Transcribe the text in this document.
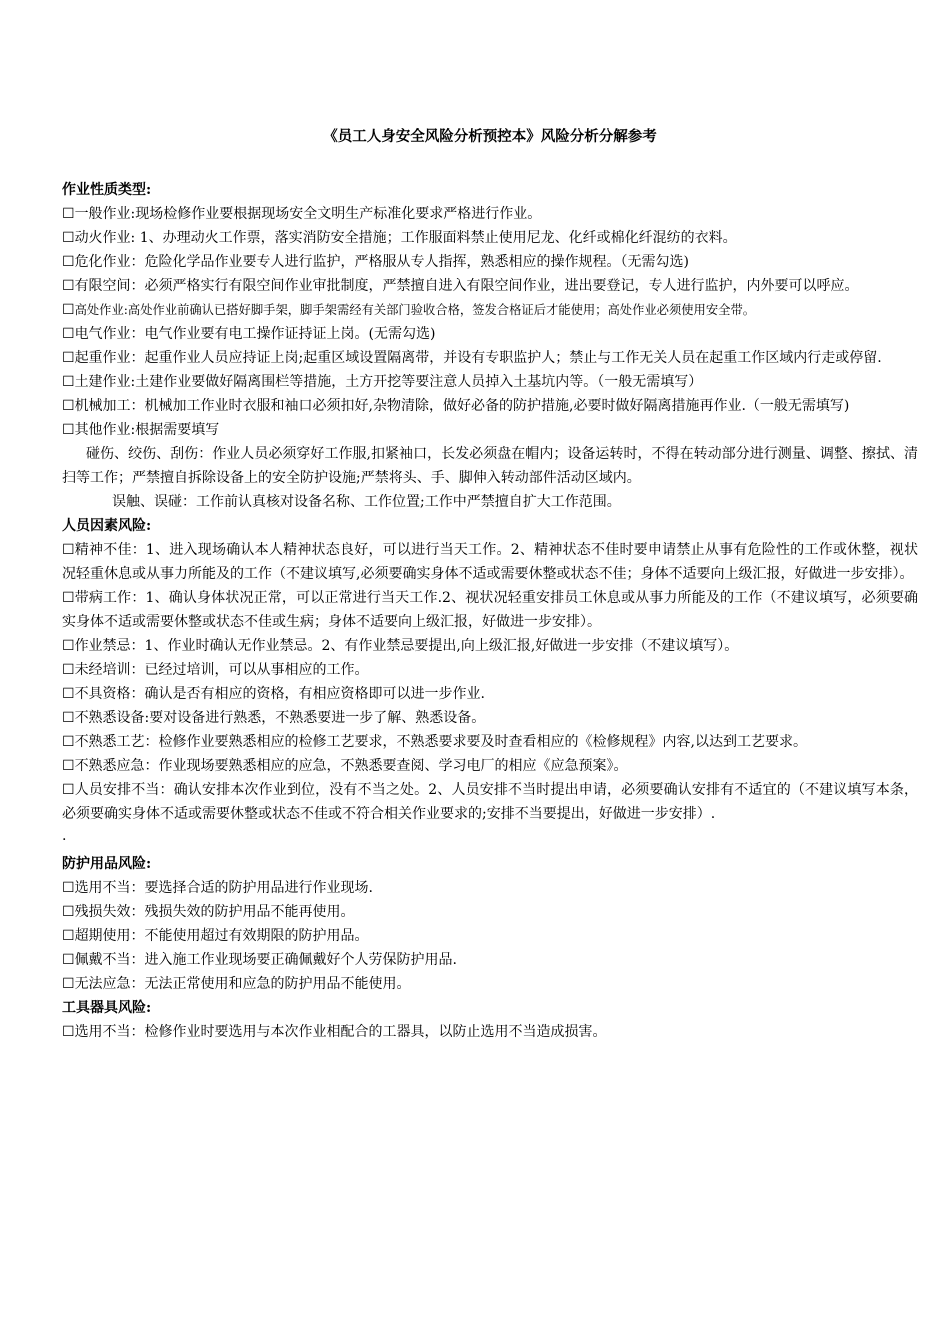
《员工人身安全风险分析预控本》风险分析分解参考

作业性质类型:

☐一般作业:现场检修作业要根据现场安全文明生产标准化要求严格进行作业。

☐动火作业: 1、办理动火工作票，落实消防安全措施；工作服面料禁止使用尼龙、化纤或棉化纤混纺的衣料。

☐危化作业：危险化学品作业要专人进行监护，严格服从专人指挥，熟悉相应的操作规程。（无需勾选)

☐有限空间：必须严格实行有限空间作业审批制度，严禁擅自进入有限空间作业，进出要登记，专人进行监护，内外要可以呼应。

☐高处作业:高处作业前确认已搭好脚手架，脚手架需经有关部门验收合格，签发合格证后才能使用；高处作业必须使用安全带。

☐电气作业：电气作业要有电工操作证持证上岗。(无需勾选)

☐起重作业：起重作业人员应持证上岗;起重区域设置隔离带，并设有专职监护人；禁止与工作无关人员在起重工作区域内行走或停留.

☐土建作业:土建作业要做好隔离围栏等措施，土方开挖等要注意人员掉入土基坑内等。（一般无需填写）

☐机械加工：机械加工作业时衣服和袖口必须扣好,杂物清除，做好必备的防护措施,必要时做好隔离措施再作业.（一般无需填写)

☐其他作业:根据需要填写

碰伤、绞伤、刮伤：作业人员必须穿好工作服,扣紧袖口，长发必须盘在帽内；设备运转时，不得在转动部分进行测量、调整、擦拭、清扫等工作；严禁擅自拆除设备上的安全防护设施;严禁将头、手、脚伸入转动部件活动区域内。

误触、误碰：工作前认真核对设备名称、工作位置;工作中严禁擅自扩大工作范围。

人员因素风险:

☐精神不佳：1、进入现场确认本人精神状态良好，可以进行当天工作。2、精神状态不佳时要申请禁止从事有危险性的工作或休整，视状况轻重休息或从事力所能及的工作（不建议填写,必须要确实身体不适或需要休整或状态不佳；身体不适要向上级汇报，好做进一步安排）。

☐带病工作：1、确认身体状况正常，可以正常进行当天工作.2、视状况轻重安排员工休息或从事力所能及的工作（不建议填写，必须要确实身体不适或需要休整或状态不佳或生病；身体不适要向上级汇报，好做进一步安排）。

☐作业禁忌：1、作业时确认无作业禁忌。2、有作业禁忌要提出,向上级汇报,好做进一步安排（不建议填写）。

☐未经培训：已经过培训，可以从事相应的工作。

☐不具资格：确认是否有相应的资格，有相应资格即可以进一步作业.

☐不熟悉设备:要对设备进行熟悉，不熟悉要进一步了解、熟悉设备。

☐不熟悉工艺：检修作业要熟悉相应的检修工艺要求，不熟悉要求要及时查看相应的《检修规程》内容,以达到工艺要求。

☐不熟悉应急：作业现场要熟悉相应的应急，不熟悉要查阅、学习电厂的相应《应急预案》。

☐人员安排不当：确认安排本次作业到位，没有不当之处。2、人员安排不当时提出申请，必须要确认安排有不适宜的（不建议填写本条，必须要确实身体不适或需要休整或状态不佳或不符合相关作业要求的;安排不当要提出，好做进一步安排）.

.

防护用品风险:

☐选用不当：要选择合适的防护用品进行作业现场.

☐残损失效：残损失效的防护用品不能再使用。

☐超期使用：不能使用超过有效期限的防护用品。

☐佩戴不当：进入施工作业现场要正确佩戴好个人劳保防护用品.

☐无法应急：无法正常使用和应急的防护用品不能使用。

工具器具风险:

☐选用不当：检修作业时要选用与本次作业相配合的工器具，以防止选用不当造成损害。
